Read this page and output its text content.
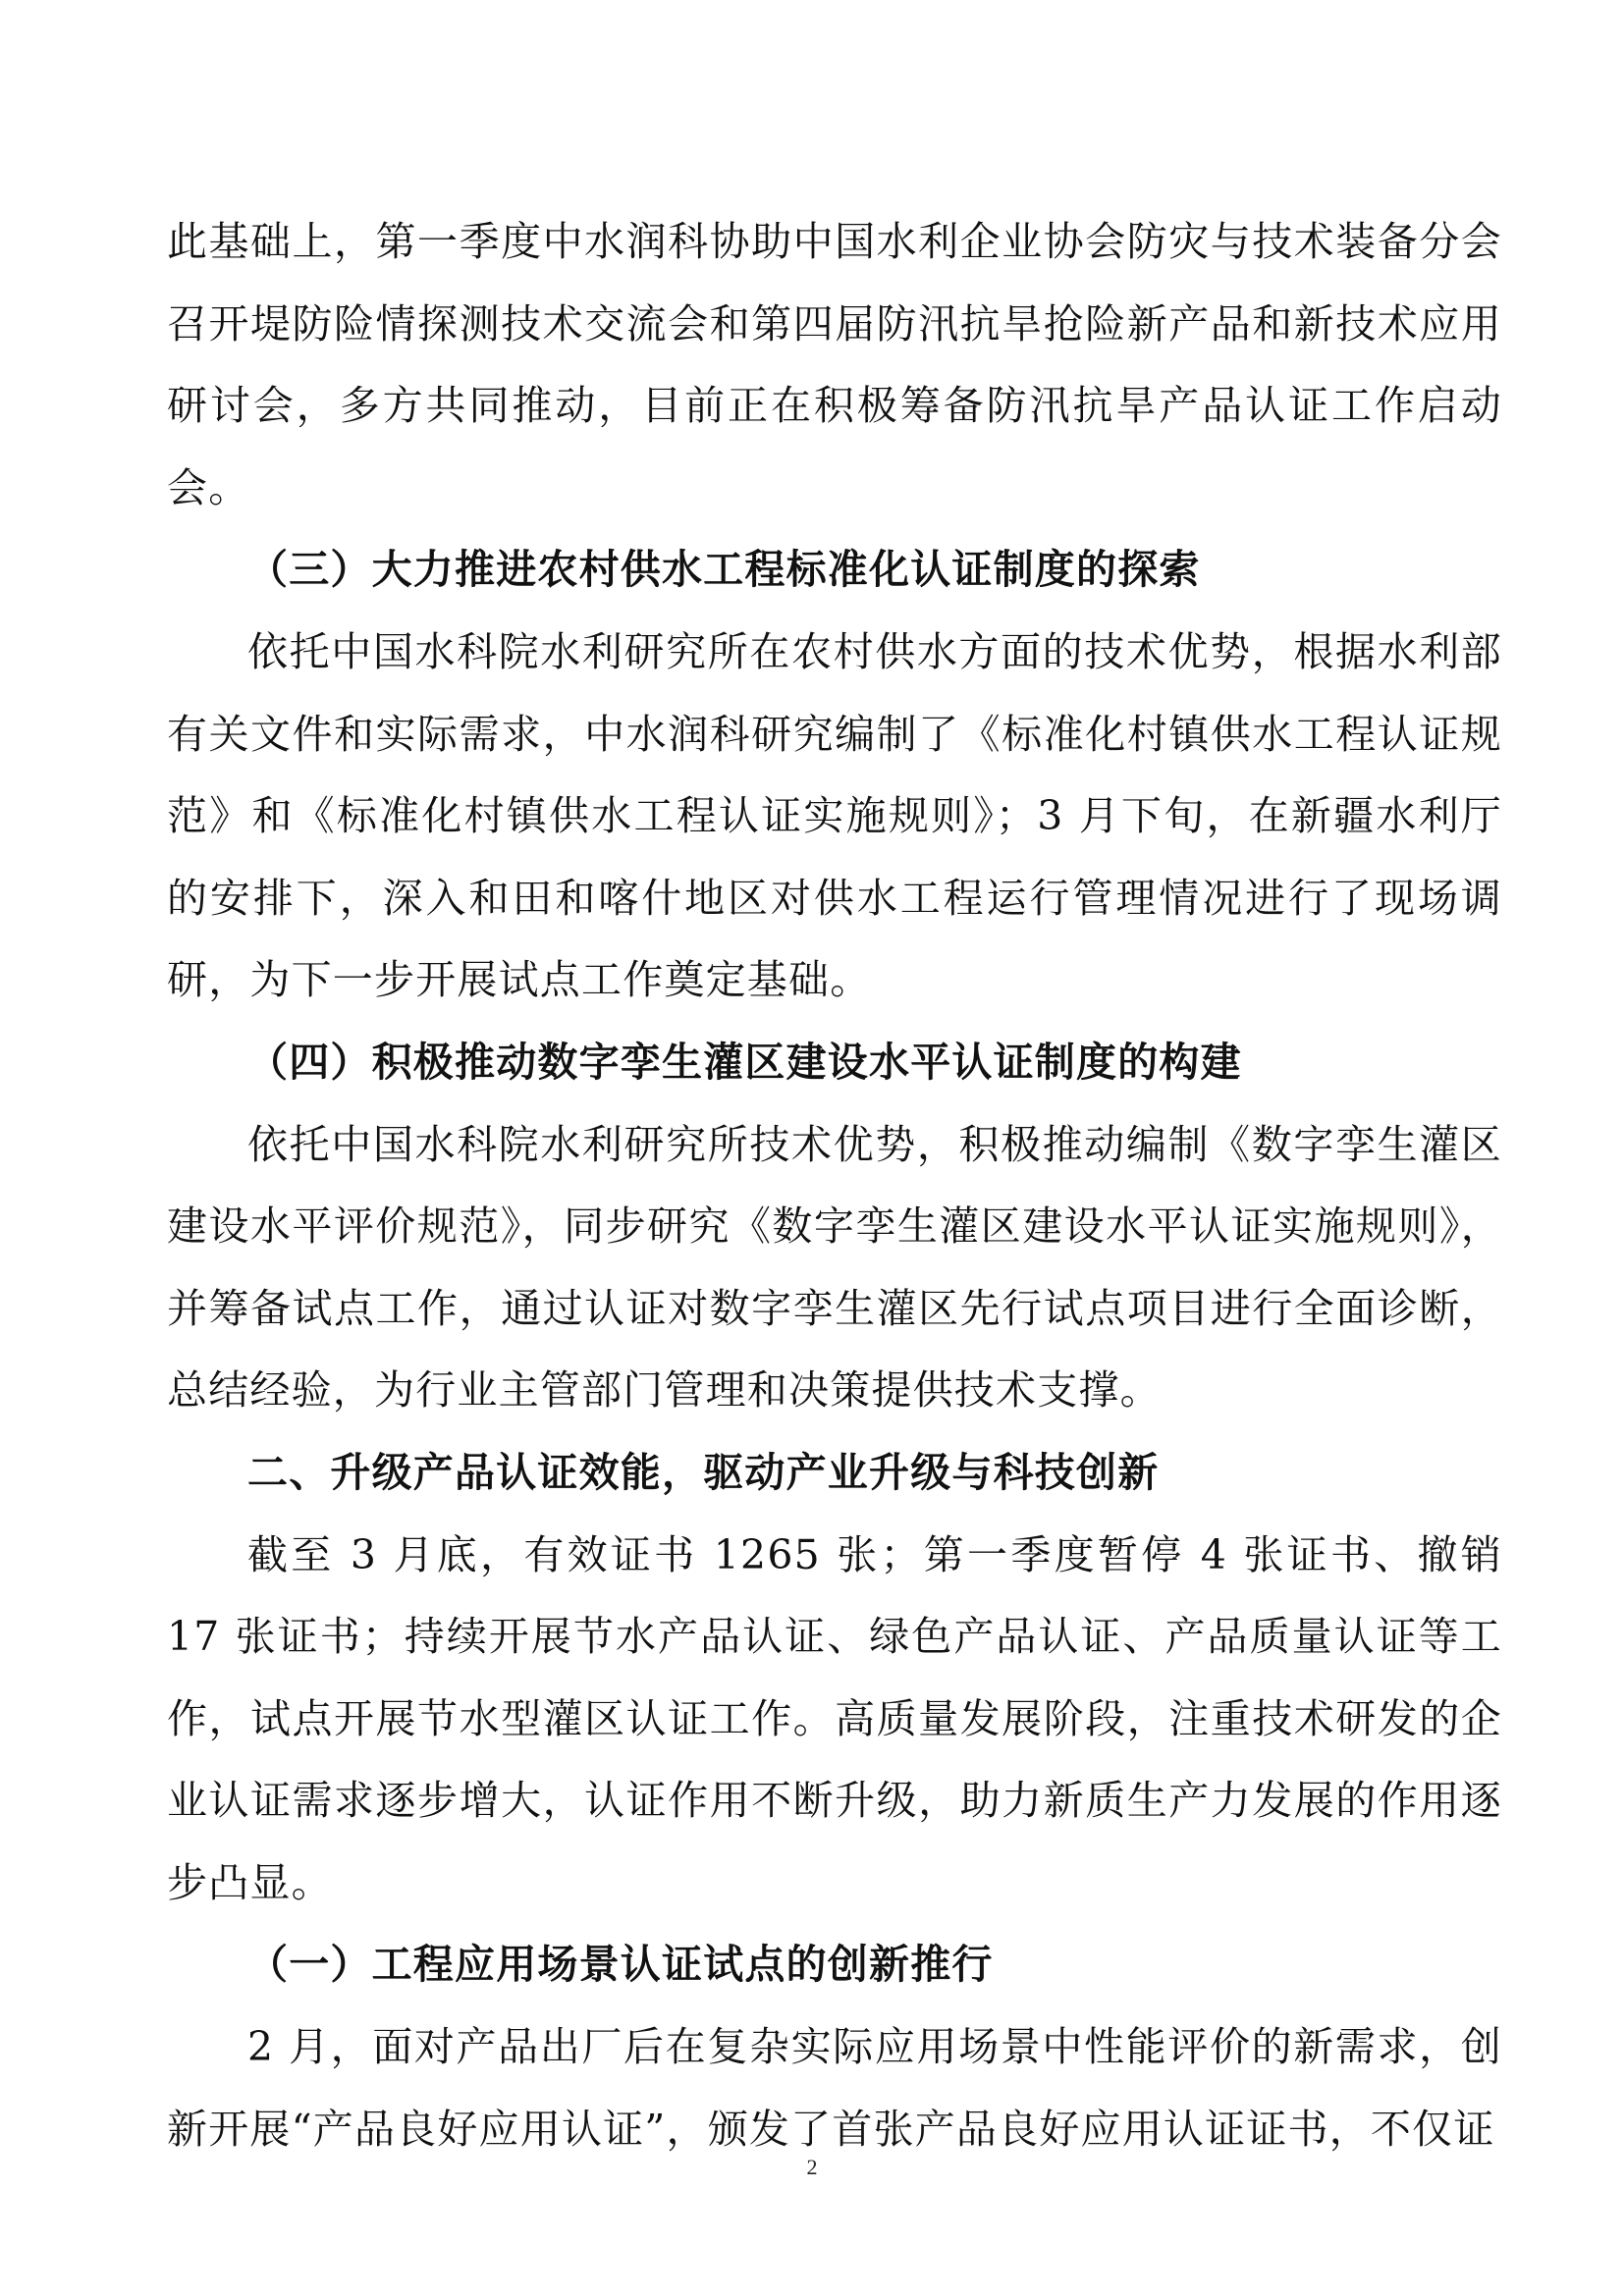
此基础上，第一季度中水润科协助中国水利企业协会防灾与技术装备分会召开堤防险情探测技术交流会和第四届防汛抗旱抢险新产品和新技术应用研讨会，多方共同推动，目前正在积极筹备防汛抗旱产品认证工作启动会。

（三）大力推进农村供水工程标准化认证制度的探索

依托中国水科院水利研究所在农村供水方面的技术优势，根据水利部有关文件和实际需求，中水润科研究编制了《标准化村镇供水工程认证规范》和《标准化村镇供水工程认证实施规则》；3 月下旬，在新疆水利厅的安排下，深入和田和喀什地区对供水工程运行管理情况进行了现场调研，为下一步开展试点工作奠定基础。

（四）积极推动数字孪生灌区建设水平认证制度的构建

依托中国水科院水利研究所技术优势，积极推动编制《数字孪生灌区建设水平评价规范》，同步研究《数字孪生灌区建设水平认证实施规则》，并筹备试点工作，通过认证对数字孪生灌区先行试点项目进行全面诊断，总结经验，为行业主管部门管理和决策提供技术支撑。

二、升级产品认证效能，驱动产业升级与科技创新

截至 3 月底，有效证书 1265 张；第一季度暂停 4 张证书、撤销 17 张证书；持续开展节水产品认证、绿色产品认证、产品质量认证等工作，试点开展节水型灌区认证工作。高质量发展阶段，注重技术研发的企业认证需求逐步增大，认证作用不断升级，助力新质生产力发展的作用逐步凸显。

（一）工程应用场景认证试点的创新推行

2 月，面对产品出厂后在复杂实际应用场景中性能评价的新需求，创新开展“产品良好应用认证”，颁发了首张产品良好应用认证证书，不仅证

2
